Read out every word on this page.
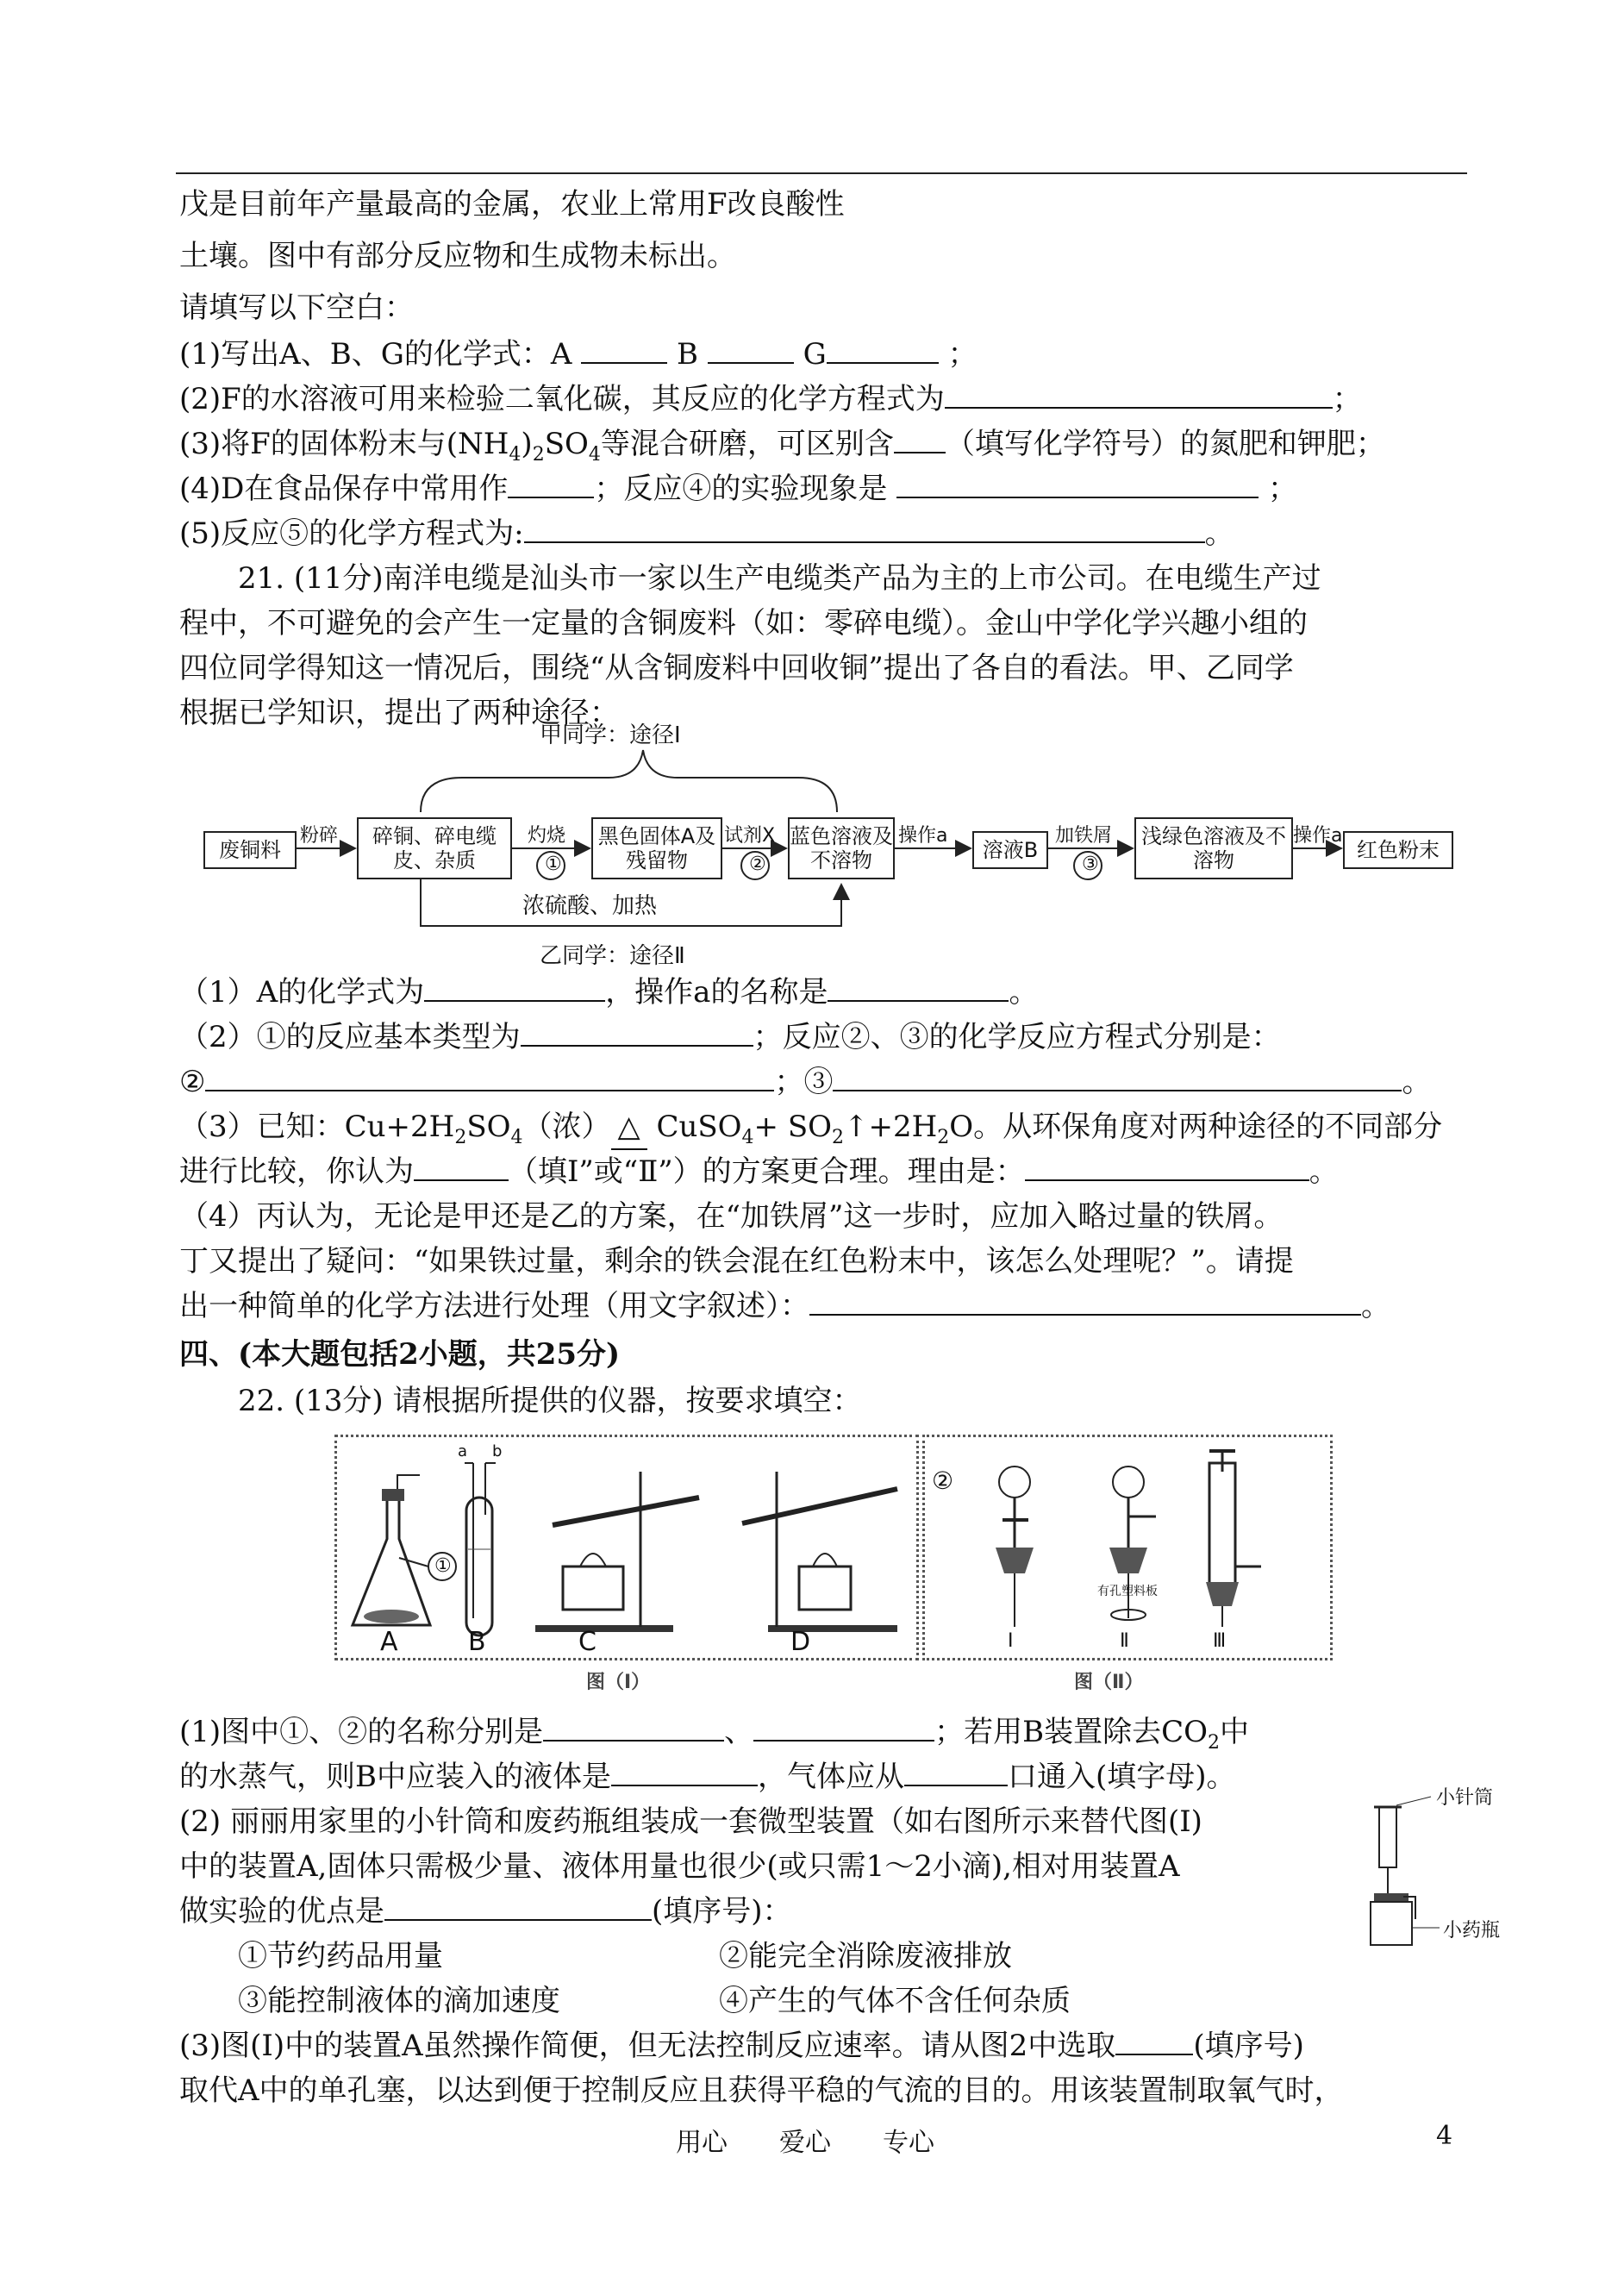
戊是目前年产量最高的金属，农业上常用F改良酸性
土壤。图中有部分反应物和生成物未标出。
请填写以下空白：
(1)写出A、B、G的化学式：A	B	G	；
(2)F的水溶液可用来检验二氧化碳，其反应的化学方程式为	；
(3)将F的固体粉末与$(NH_4)_2SO_4$等混合研磨，可区别含 （填写化学符号）的氮肥和钾肥；
(4)D在食品保存中常用作	；反应④的实验现象是	；
(5)反应⑤的化学方程式为:	。
21. (11分)南洋电缆是汕头市一家以生产电缆类产品为主的上市公司。在电缆生产过
程中，不可避免的会产生一定量的含铜废料（如：零碎电缆）。金山中学化学兴趣小组的
四位同学得知这一情况后，围绕“从含铜废料中回收铜”提出了各自的看法。甲、乙同学
根据已学知识，提出了两种途径：
甲同学：途径Ⅰ
乙同学：途径Ⅱ
浓硫酸、加热
废铜料
碎铜、碎电缆皮、杂质
黑色固体A及残留物
蓝色溶液及不溶物	溶液B
浅绿色溶液及不溶物	红色粉末
粉碎	灼烧
①
试剂X
②
操作a	加铁屑
③
操作a
（1）A的化学式为	，操作a的名称是	。
（2）①的反应基本类型为	；反应②、③的化学反应方程式分别是：
②	；③	。
（3）已知：$Cu+2H_2SO_4$（浓） △ CuSO$_4$+ $SO_2↑+2H_2O$。从环保角度对两种途径的不同部分
进行比较，你认为	（填Ⅰ”或“Ⅱ”）的方案更合理。理由是：	。
（4）丙认为，无论是甲还是乙的方案，在“加铁屑”这一步时，应加入略过量的铁屑。
丁又提出了疑问：“如果铁过量，剩余的铁会混在红色粉末中，该怎么处理呢？”。请提
出一种简单的化学方法进行处理（用文字叙述）：	。
四、(本大题包括2小题，共25分)
22. (13分) 请根据所提供的仪器，按要求填空：
A	B	C	D
①
a b
图（Ⅰ）
②
Ⅰ	Ⅱ	Ⅲ
有孔塑料板
图（Ⅱ）
(1)图中①、②的名称分别是	、	；若用B装置除去$CO_2$中
的水蒸气，则B中应装入的液体是	，气体应从	口通入(填字母)。
(2) 丽丽用家里的小针筒和废药瓶组装成一套微型装置（如右图所示来替代图(I)
中的装置A,固体只需极少量、液体用量也很少(或只需1～2小滴),相对用装置A
做实验的优点是	(填序号)：
①节约药品用量	②能完全消除废液排放
③能控制液体的滴加速度	④产生的气体不含任何杂质
小针筒
小药瓶
(3)图(I)中的装置A虽然操作简便，但无法控制反应速率。请从图2中选取	(填序号)
取代A中的单孔塞，以达到便于控制反应且获得平稳的气流的目的。用该装置制取氧气时，
用心　　爱心　　专心	4
